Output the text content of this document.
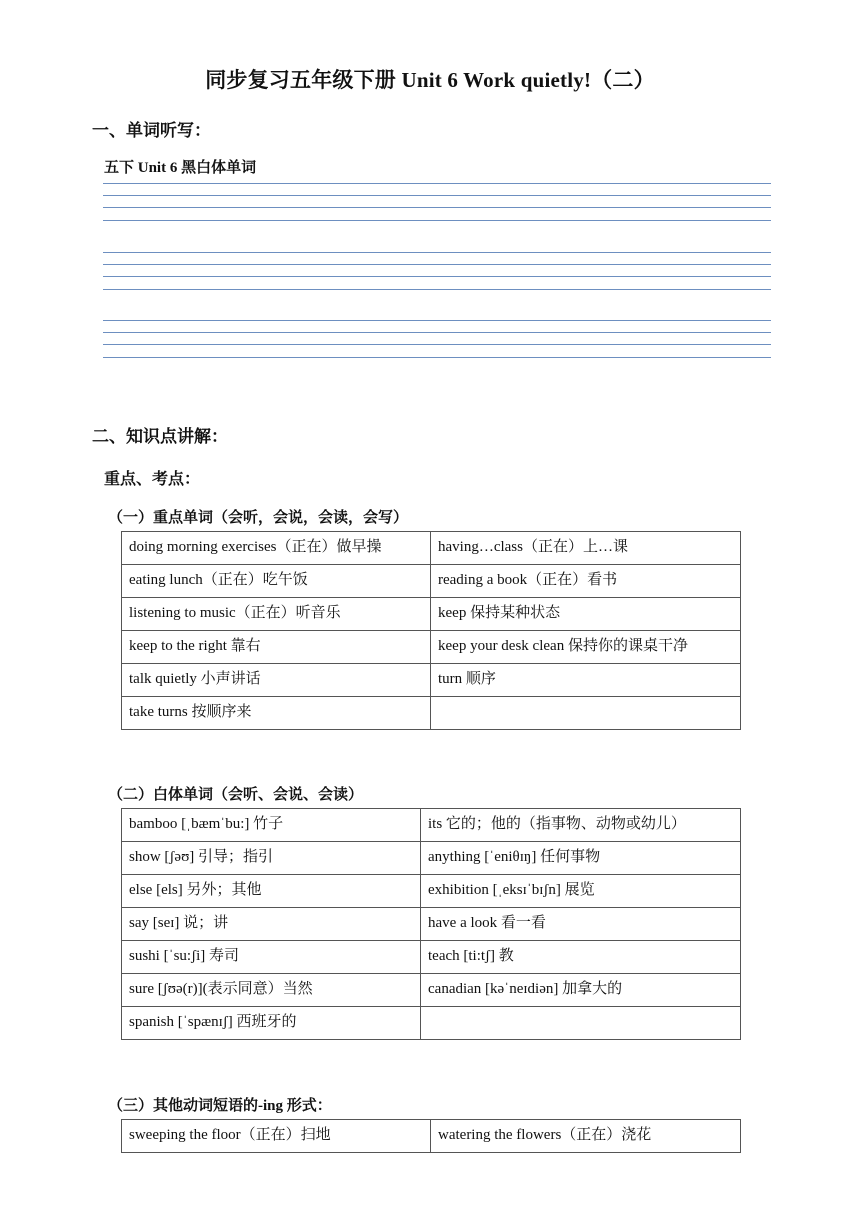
同步复习五年级下册 Unit 6 Work quietly!（二）
一、单词听写：
五下 Unit 6 黑白体单词
二、知识点讲解：
重点、考点：
（一）重点单词（会听，会说，会读，会写）
doing morning exercises（正在）做早操	having…class（正在）上…课
eating lunch（正在）吃午饭	reading a book（正在）看书
listening to music（正在）听音乐	keep 保持某种状态
keep to the right 靠右	keep your desk clean 保持你的课桌干净
talk quietly 小声讲话	turn 顺序
take turns 按顺序来	
（二）白体单词（会听、会说、会读）
bamboo [ˌbæmˈbu:] 竹子	its 它的；他的（指事物、动物或幼儿）
show [ʃəʊ] 引导；指引	anything [ˈeniθɪŋ] 任何事物
else [els] 另外；其他	exhibition [ˌeksɪˈbɪʃn] 展览
say [seɪ] 说；讲	have a look 看一看
sushi [ˈsu:ʃi] 寿司	teach [ti:tʃ] 教
sure [ʃʊə(r)](表示同意）当然	canadian [kəˈneɪdiən] 加拿大的
spanish [ˈspænɪʃ] 西班牙的	
（三）其他动词短语的-ing 形式：
sweeping the floor（正在）扫地	watering the flowers（正在）浇花
